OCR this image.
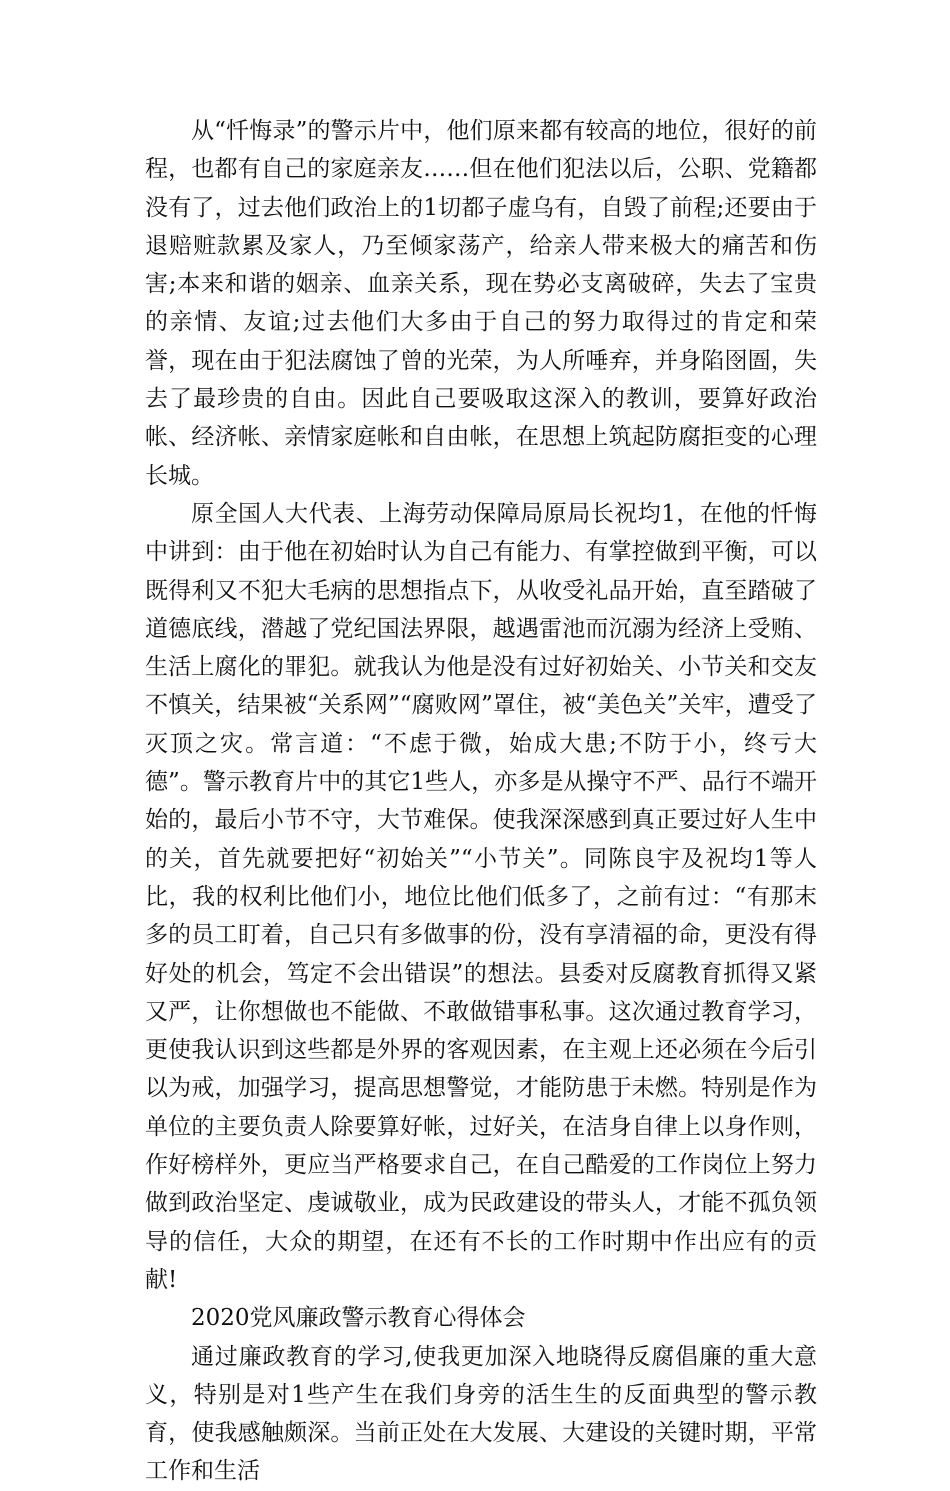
从“忏悔录”的警示片中，他们原来都有较高的地位，很好的前程，也都有自己的家庭亲友……但在他们犯法以后，公职、党籍都没有了，过去他们政治上的1切都子虚乌有，自毁了前程;还要由于退赔赃款累及家人，乃至倾家荡产，给亲人带来极大的痛苦和伤害;本来和谐的姻亲、血亲关系，现在势必支离破碎，失去了宝贵的亲情、友谊;过去他们大多由于自己的努力取得过的肯定和荣誉，现在由于犯法腐蚀了曾的光荣，为人所唾弃，并身陷囹圄，失去了最珍贵的自由。因此自己要吸取这深入的教训，要算好政治帐、经济帐、亲情家庭帐和自由帐，在思想上筑起防腐拒变的心理长城。

原全国人大代表、上海劳动保障局原局长祝均1，在他的忏悔中讲到：由于他在初始时认为自己有能力、有掌控做到平衡，可以既得利又不犯大毛病的思想指点下，从收受礼品开始，直至踏破了道德底线，潜越了党纪国法界限，越遇雷池而沉溺为经济上受贿、生活上腐化的罪犯。就我认为他是没有过好初始关、小节关和交友不慎关，结果被“关系网”“腐败网”罩住，被“美色关”关牢，遭受了灭顶之灾。常言道：“不虑于微，始成大患;不防于小，终亏大德”。警示教育片中的其它1些人，亦多是从操守不严、品行不端开始的，最后小节不守，大节难保。使我深深感到真正要过好人生中的关，首先就要把好“初始关”“小节关”。同陈良宇及祝均1等人比，我的权利比他们小，地位比他们低多了，之前有过：“有那末多的员工盯着，自己只有多做事的份，没有享清福的命，更没有得好处的机会，笃定不会出错误”的想法。县委对反腐教育抓得又紧又严，让你想做也不能做、不敢做错事私事。这次通过教育学习，更使我认识到这些都是外界的客观因素，在主观上还必须在今后引以为戒，加强学习，提高思想警觉，才能防患于未燃。特别是作为单位的主要负责人除要算好帐，过好关，在洁身自律上以身作则，作好榜样外，更应当严格要求自己，在自己酷爱的工作岗位上努力做到政治坚定、虔诚敬业，成为民政建设的带头人，才能不孤负领导的信任，大众的期望，在还有不长的工作时期中作出应有的贡献!

2020党风廉政警示教育心得体会

通过廉政教育的学习,使我更加深入地晓得反腐倡廉的重大意义，特别是对1些产生在我们身旁的活生生的反面典型的警示教育，使我感触颇深。当前正处在大发展、大建设的关键时期，平常工作和生活
